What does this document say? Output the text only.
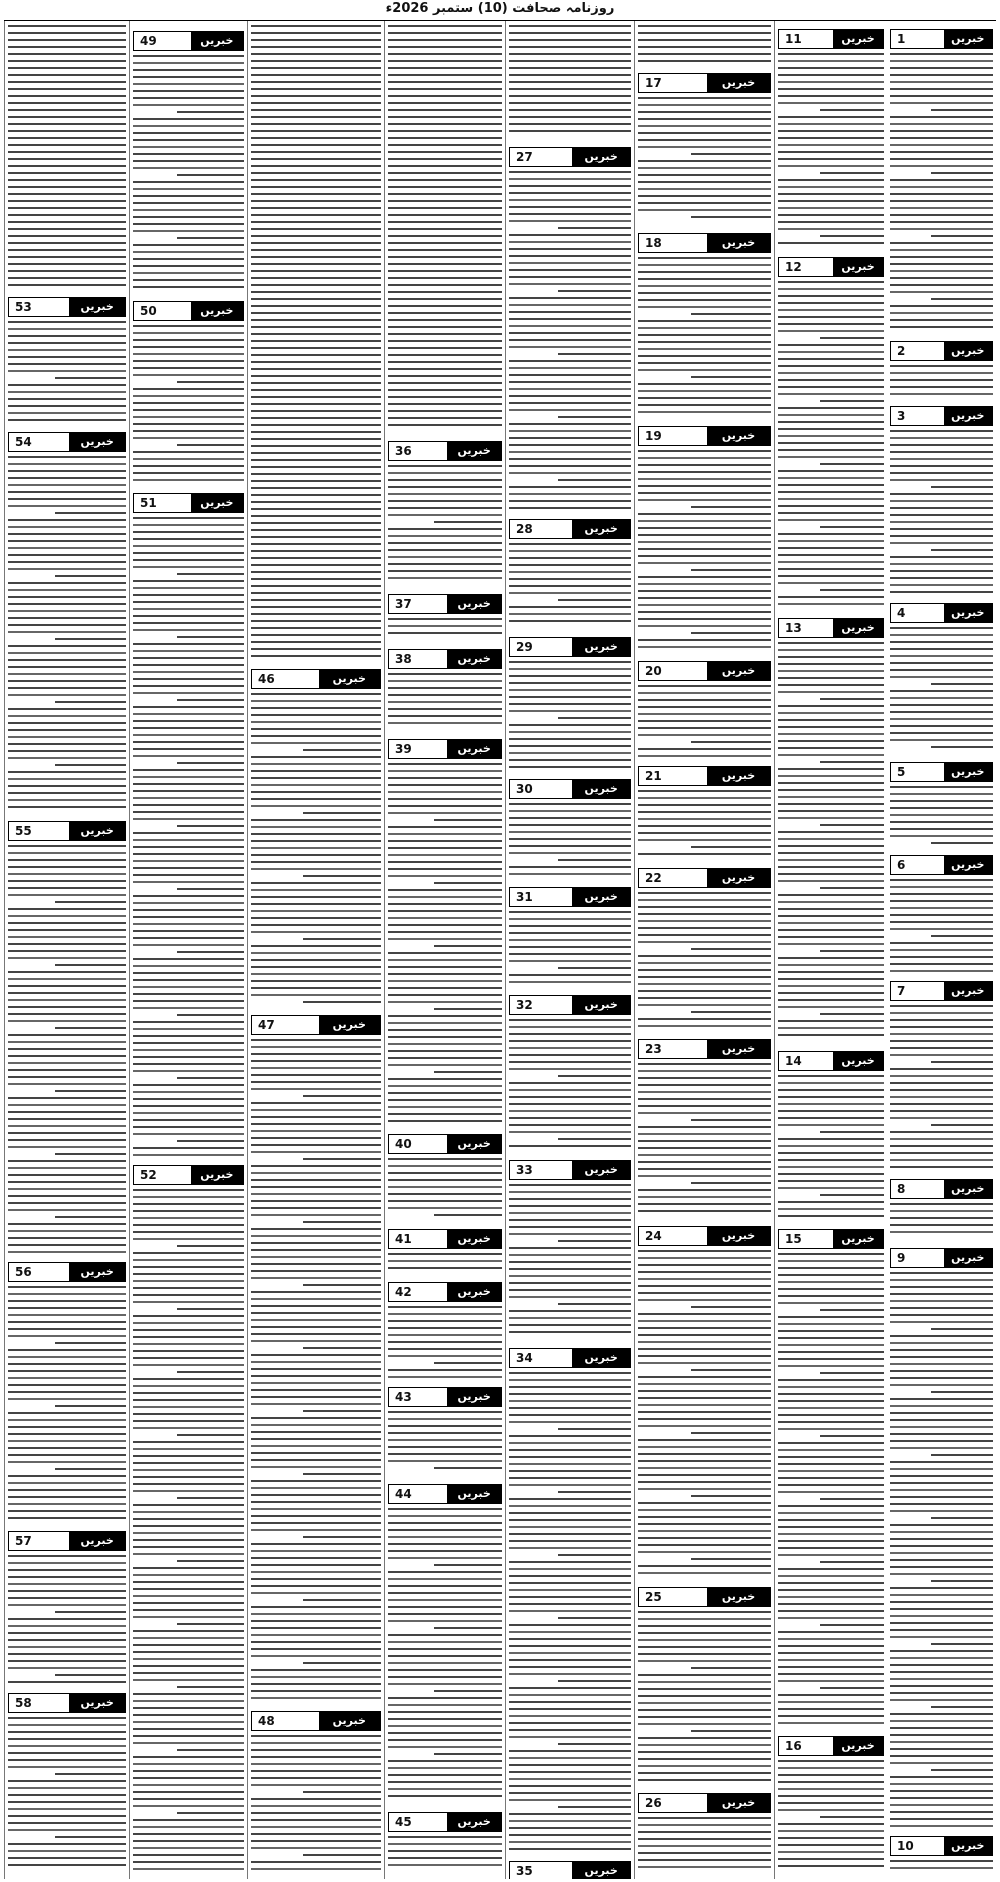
روزنامہ صحافت (10) ستمبر 2026ء
1	خبریں
2	خبریں
3	خبریں
4	خبریں
5	خبریں
6	خبریں
7	خبریں
8	خبریں
9	خبریں
10	خبریں
11	خبریں
12	خبریں
13	خبریں
14	خبریں
15	خبریں
16	خبریں
17	خبریں
18	خبریں
19	خبریں
20	خبریں
21	خبریں
22	خبریں
23	خبریں
24	خبریں
25	خبریں
26	خبریں
27	خبریں
28	خبریں
29	خبریں
30	خبریں
31	خبریں
32	خبریں
33	خبریں
34	خبریں
35	خبریں
36	خبریں
37	خبریں
38	خبریں
39	خبریں
40	خبریں
41	خبریں
42	خبریں
43	خبریں
44	خبریں
45	خبریں
46	خبریں
47	خبریں
48	خبریں
49	خبریں
50	خبریں
51	خبریں
52	خبریں
53	خبریں
54	خبریں
55	خبریں
56	خبریں
57	خبریں
58	خبریں
